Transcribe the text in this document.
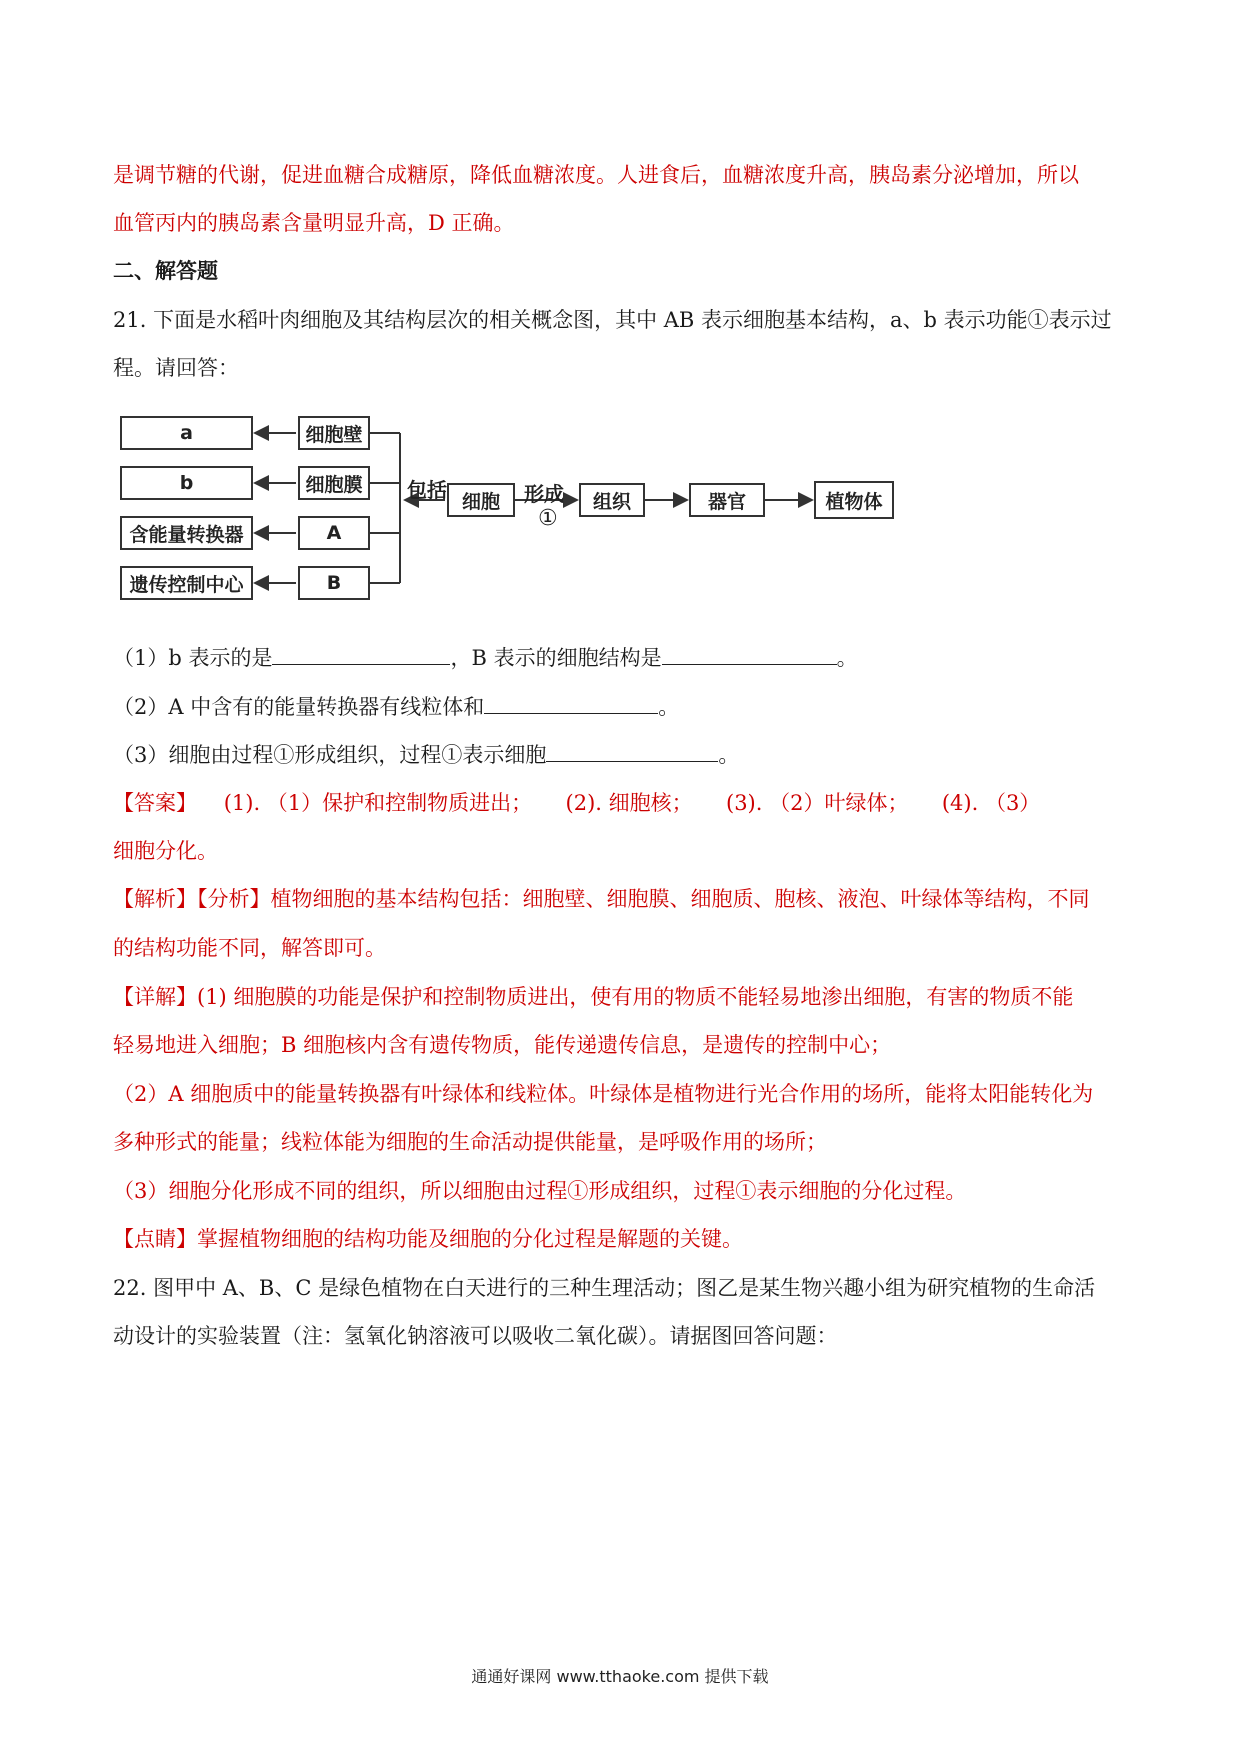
是调节糖的代谢，促进血糖合成糖原，降低血糖浓度。人进食后，血糖浓度升高，胰岛素分泌增加，所以
血管丙内的胰岛素含量明显升高，D 正确。
二、解答题
21. 下面是水稻叶肉细胞及其结构层次的相关概念图，其中 AB 表示细胞基本结构，a、b 表示功能①表示过
程。请回答：
a
b
含能量转换器
遗传控制中心
细胞壁
细胞膜
A
B
包括 细胞	形成
①
组织	器官	植物体
（1）b 表示的是	，B 表示的细胞结构是	。
（2）A 中含有的能量转换器有线粒体和	。
（3）细胞由过程①形成组织，过程①表示细胞	。
【答案】    (1). （1）保护和控制物质进出；     (2). 细胞核；     (3). （2）叶绿体；     (4). （3）
细胞分化。
【解析】【分析】植物细胞的基本结构包括：细胞壁、细胞膜、细胞质、胞核、液泡、叶绿体等结构，不同
的结构功能不同，解答即可。
【详解】(1) 细胞膜的功能是保护和控制物质进出，使有用的物质不能轻易地渗出细胞，有害的物质不能
轻易地进入细胞；B 细胞核内含有遗传物质，能传递遗传信息，是遗传的控制中心；
（2）A 细胞质中的能量转换器有叶绿体和线粒体。叶绿体是植物进行光合作用的场所，能将太阳能转化为
多种形式的能量；线粒体能为细胞的生命活动提供能量，是呼吸作用的场所；
（3）细胞分化形成不同的组织，所以细胞由过程①形成组织，过程①表示细胞的分化过程。
【点睛】掌握植物细胞的结构功能及细胞的分化过程是解题的关键。
22. 图甲中 A、B、C 是绿色植物在白天进行的三种生理活动；图乙是某生物兴趣小组为研究植物的生命活
动设计的实验装置（注：氢氧化钠溶液可以吸收二氧化碳）。请据图回答问题：
通通好课网 www.tthaoke.com 提供下载
